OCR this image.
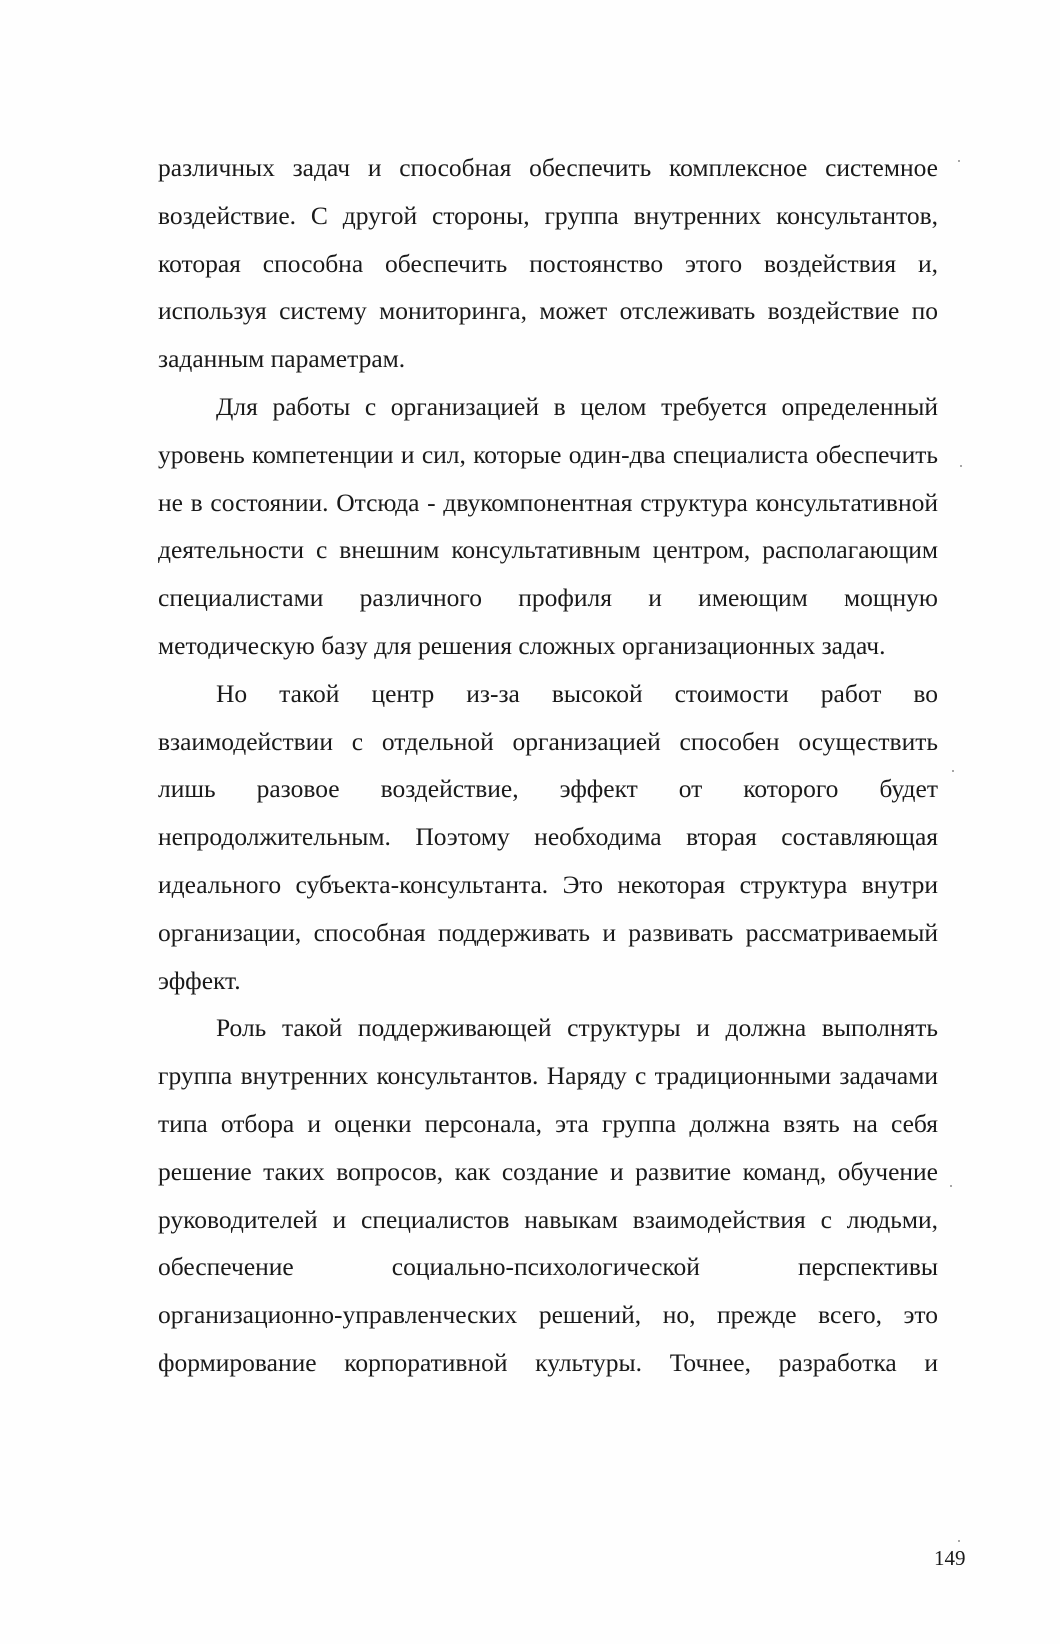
различных задач и способная обеспечить комплексное системное воздействие. С другой стороны, группа внутренних консультантов, которая способна обеспечить постоянство этого воздействия и, используя систему мониторинга, может отслеживать воздействие по заданным параметрам.

Для работы с организацией в целом требуется определенный уровень компетенции и сил, которые один-два специалиста обеспечить не в состоянии. Отсюда - двукомпонентная структура консультативной деятельности с внешним консультативным центром, располагающим специалистами различного профиля и имеющим мощную методическую базу для решения сложных организационных задач.

Но такой центр из-за высокой стоимости работ во взаимодействии с отдельной организацией способен осуществить лишь разовое воздействие, эффект от которого будет непродолжительным. Поэтому необходима вторая составляющая идеального субъекта-консультанта. Это некоторая структура внутри организации, способная поддерживать и развивать рассматриваемый эффект.

Роль такой поддерживающей структуры и должна выполнять группа внутренних консультантов. Наряду с традиционными задачами типа отбора и оценки персонала, эта группа должна взять на себя решение таких вопросов, как создание и развитие команд, обучение руководителей и специалистов навыкам взаимодействия с людьми, обеспечение социально-психологической перспективы организационно-управленческих решений, но, прежде всего, это формирование корпоративной культуры. Точнее, разработка и

149
